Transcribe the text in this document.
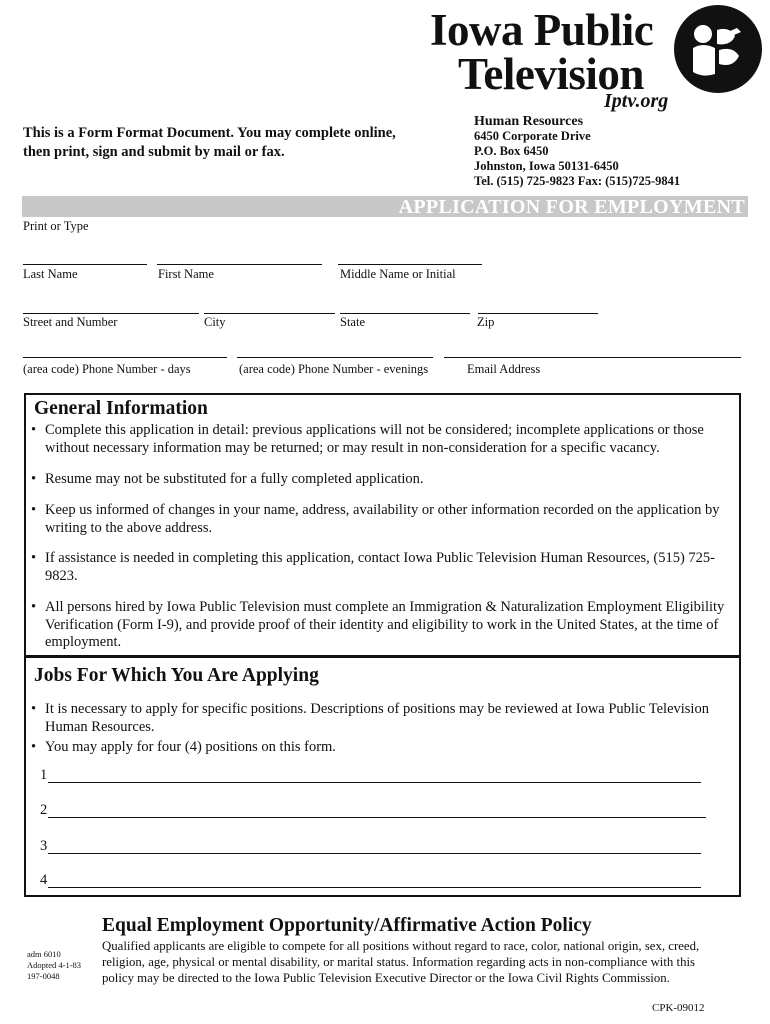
Iowa Public
Television
Iptv.org
This is a Form Format Document. You may complete online, then print, sign and submit by mail or fax.
Human Resources
6450 Corporate Drive
P.O. Box 6450
Johnston, Iowa 50131-6450
Tel. (515) 725-9823 Fax: (515)725-9841
APPLICATION FOR EMPLOYMENT
Print or Type
Last Name	First Name	Middle Name or Initial
Street and Number	City	State	Zip
(area code) Phone Number - days	(area code) Phone Number - evenings	Email Address
General Information
• Complete this application in detail: previous applications will not be considered; incomplete applications or those without necessary information may be returned; or may result in non-consideration for a specific vacancy.
• Resume may not be substituted for a fully completed application.
• Keep us informed of changes in your name, address, availability or other information recorded on the application by writing to the above address.
• If assistance is needed in completing this application, contact Iowa Public Television Human Resources, (515) 725-9823.
• All persons hired by Iowa Public Television must complete an Immigration & Naturalization Employment Eligibility Verification (Form I-9), and provide proof of their identity and eligibility to work in the United States, at the time of employment.
Jobs For Which You Are Applying
• It is necessary to apply for specific positions. Descriptions of positions may be reviewed at Iowa Public Television Human Resources.
• You may apply for four (4) positions on this form.
1
2
3
4
Equal Employment Opportunity/Affirmative Action Policy
Qualified applicants are eligible to compete for all positions without regard to race, color, national origin, sex, creed, religion, age, physical or mental disability, or marital status. Information regarding acts in non-compliance with this policy may be directed to the Iowa Public Television Executive Director or the Iowa Civil Rights Commission.
adm 6010
Adopted 4-1-83
197-0048
CPK-09012
